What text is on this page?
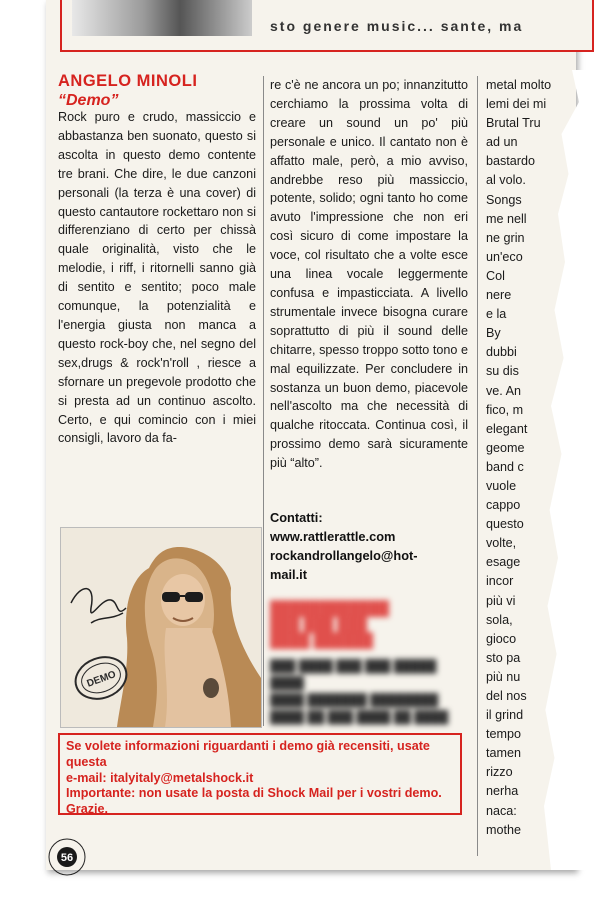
sto genere music... sante, ma
ANGELO MINOLI
“Demo”
Rock puro e crudo, massiccio e abbastanza ben suonato, questo si ascolta in questo demo contente tre brani. Che dire, le due canzoni personali (la terza è una cover) di questo cantautore rockettaro non si differenziano di certo per chissà quale originalità, visto che le melodie, i riff, i ritornelli sanno già di sentito e sentito; poco male comunque, la potenzialità e l'energia giusta non manca a questo rock-boy che, nel segno del sex,drugs & rock'n'roll , riesce a sfornare un pregevole prodotto che si presta ad un continuo ascolto. Certo, e qui comincio con i miei consigli, lavoro da fa-
re c'è ne ancora un po; innanzitutto cerchiamo la prossima volta di creare un sound un po' più personale e unico. Il cantato non è affatto male, però, a mio avviso, andrebbe reso più massiccio, potente, solido; ogni tanto ho come avuto l'impressione che non eri così sicuro di come impostare la voce, col risultato che a volte esce una linea vocale leggermente confusa e impasticciata. A livello strumentale invece bisogna curare soprattutto di più il sound delle chitarre, spesso troppo sotto tono e mal equilizzate. Per concludere in sostanza un buon demo, piacevole nell'ascolto ma che necessità di qualche ritoccata. Continua così, il prossimo demo sarà sicuramente più “alto”.
Contatti:
www.rattlerattle.com
rockandrollangelo@hot-
mail.it
████████████
███ ███ ███
████ ██████
███ ████ ███ ███ █████ ████
████ ███████ ████████
████ ██ ███ ████ ██ ████
DEMO
metal molto
lemi dei mi
Brutal Tru
ad un
bastardo
al volo.
Songs
me nell
ne grin
un'eco
Col
nere
e la
By
dubbi
su dis
ve. An
fico, m
elegant
geome
band c
vuole
cappo
questo
volte,
esage
incor
più vi
sola,
gioco
sto pa
più nu
del nos
il grind
tempo
tamen
rizzo
nerha
naca:
mothe
Se volete informazioni riguardanti i demo già recensiti, usate questa
e-mail: italyitaly@metalshock.it
Importante: non usate la posta di Shock Mail per i vostri demo. Grazie.
56
